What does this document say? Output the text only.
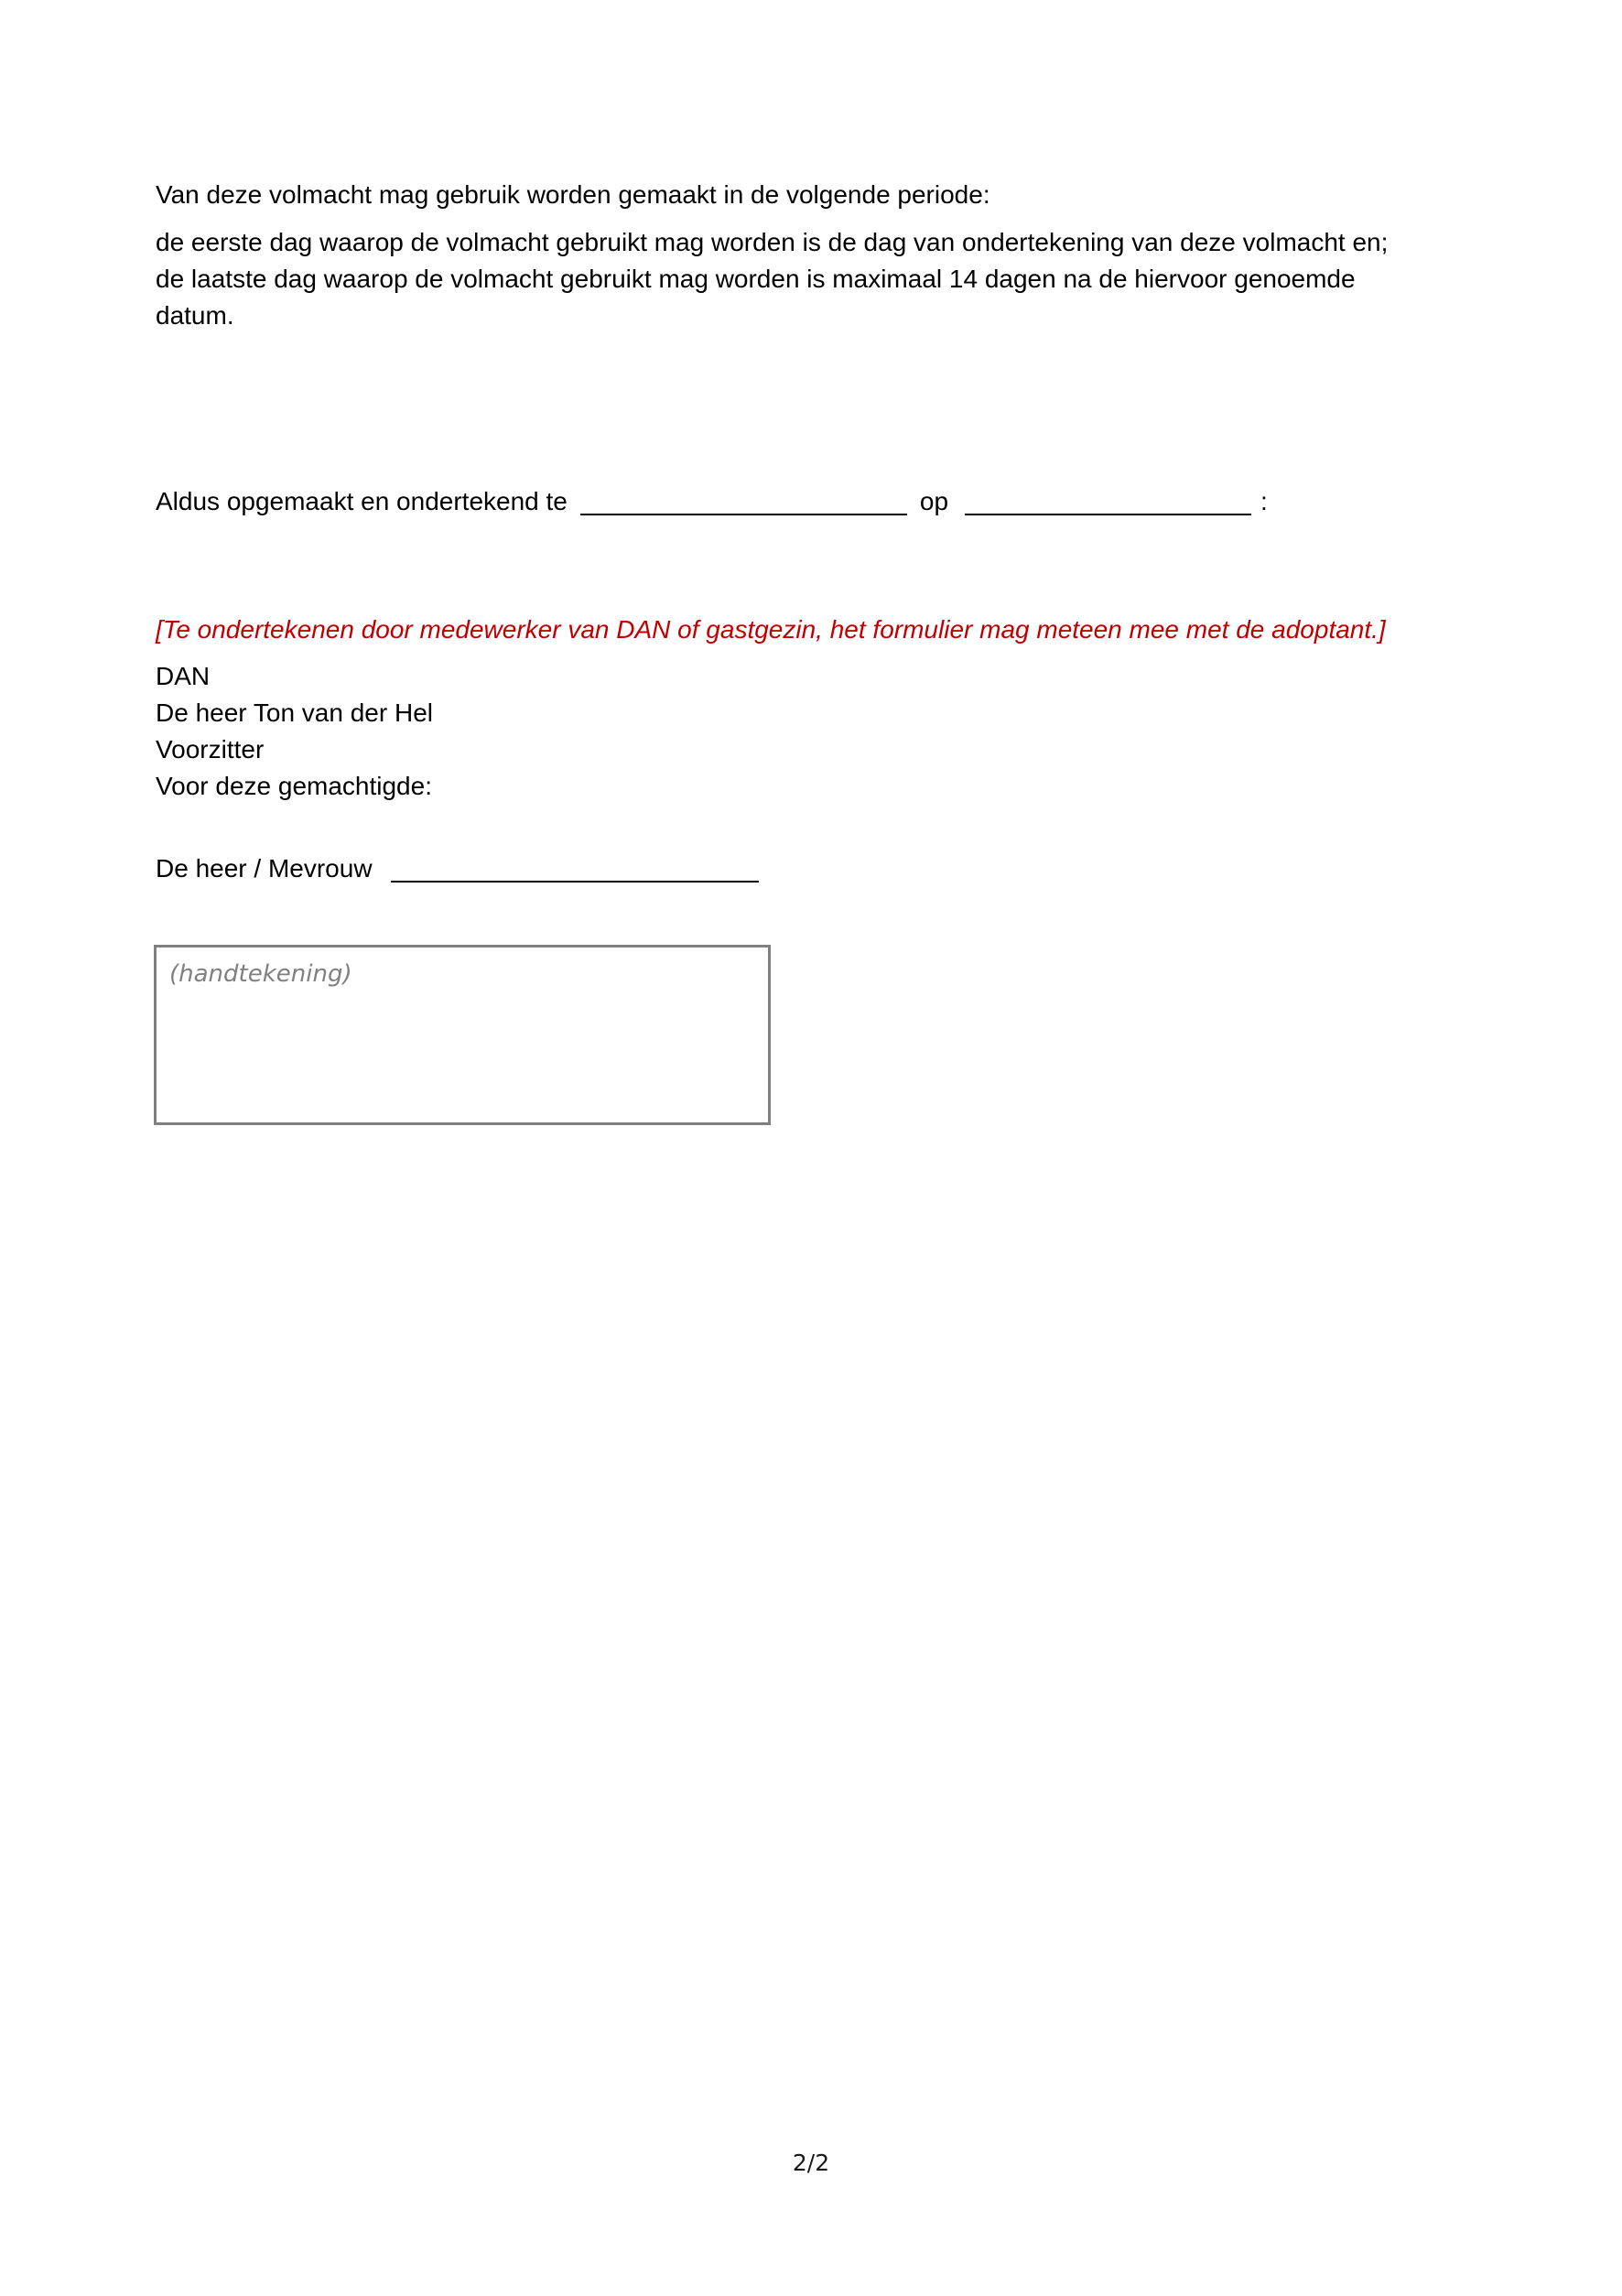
Van deze volmacht mag gebruik worden gemaakt in de volgende periode:

de eerste dag waarop de volmacht gebruikt mag worden is de dag van ondertekening van deze volmacht en;
de laatste dag waarop de volmacht gebruikt mag worden is maximaal 14 dagen na de hiervoor genoemde
datum.
Aldus opgemaakt en ondertekend te	op	:

[Te ondertekenen door medewerker van DAN of gastgezin, het formulier mag meteen mee met de adoptant.]

DAN
De heer Ton van der Hel
Voorzitter
Voor deze gemachtigde:
De heer / Mevrouw
(handtekening)
2/2
